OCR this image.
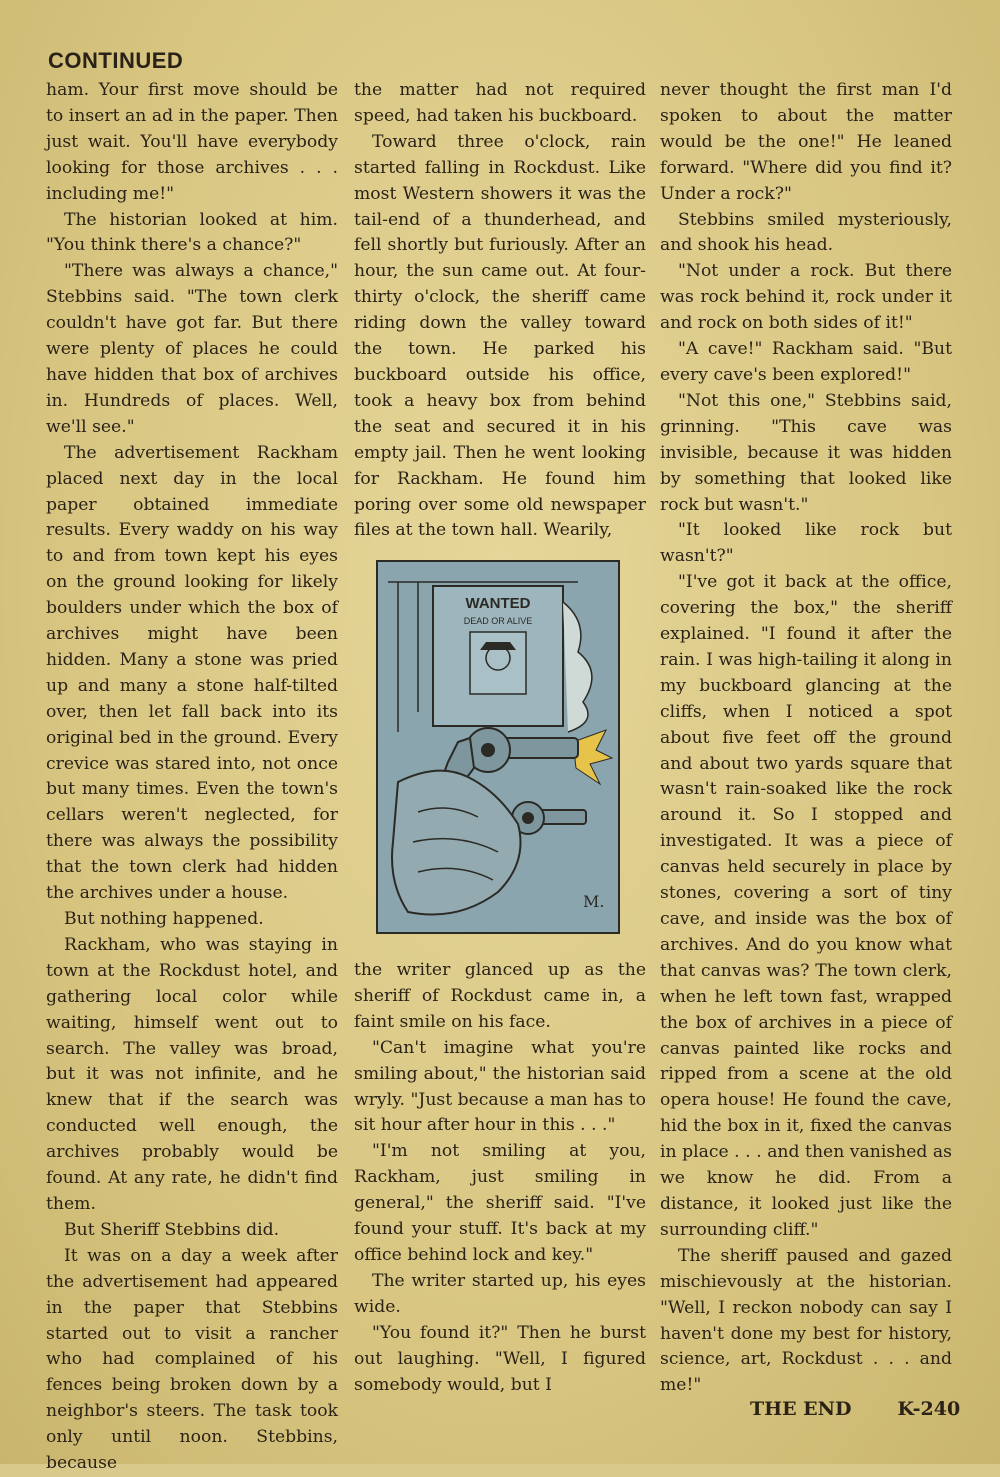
CONTINUED

ham. Your first move should be to insert an ad in the paper. Then just wait. You'll have everybody looking for those archives . . . including me!"

The historian looked at him. "You think there's a chance?"

"There was always a chance," Stebbins said. "The town clerk couldn't have got far. But there were plenty of places he could have hidden that box of archives in. Hundreds of places. Well, we'll see."

The advertisement Rackham placed next day in the local paper obtained immediate results. Every waddy on his way to and from town kept his eyes on the ground looking for likely boulders under which the box of archives might have been hidden. Many a stone was pried up and many a stone half-tilted over, then let fall back into its original bed in the ground. Every crevice was stared into, not once but many times. Even the town's cellars weren't neglected, for there was always the possibility that the town clerk had hidden the archives under a house.

But nothing happened.

Rackham, who was staying in town at the Rockdust hotel, and gathering local color while waiting, himself went out to search. The valley was broad, but it was not infinite, and he knew that if the search was conducted well enough, the archives probably would be found. At any rate, he didn't find them.

But Sheriff Stebbins did.

It was on a day a week after the advertisement had appeared in the paper that Stebbins started out to visit a rancher who had complained of his fences being broken down by a neighbor's steers. The task took only until noon. Stebbins, because

the matter had not required speed, had taken his buckboard.

Toward three o'clock, rain started falling in Rockdust. Like most Western showers it was the tail-end of a thunderhead, and fell shortly but furiously. After an hour, the sun came out. At four-thirty o'clock, the sheriff came riding down the valley toward the town. He parked his buckboard outside his office, took a heavy box from behind the seat and secured it in his empty jail. Then he went looking for Rackham. He found him poring over some old newspaper files at the town hall. Wearily,

WANTED
DEAD OR ALIVE
M.

the writer glanced up as the sheriff of Rockdust came in, a faint smile on his face.

"Can't imagine what you're smiling about," the historian said wryly. "Just because a man has to sit hour after hour in this . . ."

"I'm not smiling at you, Rackham, just smiling in general," the sheriff said. "I've found your stuff. It's back at my office behind lock and key."

The writer started up, his eyes wide.

"You found it?" Then he burst out laughing. "Well, I figured somebody would, but I

never thought the first man I'd spoken to about the matter would be the one!" He leaned forward. "Where did you find it? Under a rock?"

Stebbins smiled mysteriously, and shook his head.

"Not under a rock. But there was rock behind it, rock under it and rock on both sides of it!"

"A cave!" Rackham said. "But every cave's been explored!"

"Not this one," Stebbins said, grinning. "This cave was invisible, because it was hidden by something that looked like rock but wasn't."

"It looked like rock but wasn't?"

"I've got it back at the office, covering the box," the sheriff explained. "I found it after the rain. I was high-tailing it along in my buckboard glancing at the cliffs, when I noticed a spot about five feet off the ground and about two yards square that wasn't rain-soaked like the rock around it. So I stopped and investigated. It was a piece of canvas held securely in place by stones, covering a sort of tiny cave, and inside was the box of archives. And do you know what that canvas was? The town clerk, when he left town fast, wrapped the box of archives in a piece of canvas painted like rocks and ripped from a scene at the old opera house! He found the cave, hid the box in it, fixed the canvas in place . . . and then vanished as we know he did. From a distance, it looked just like the surrounding cliff."

The sheriff paused and gazed mischievously at the historian. "Well, I reckon nobody can say I haven't done my best for history, science, art, Rockdust . . . and me!"

THE END K-240
